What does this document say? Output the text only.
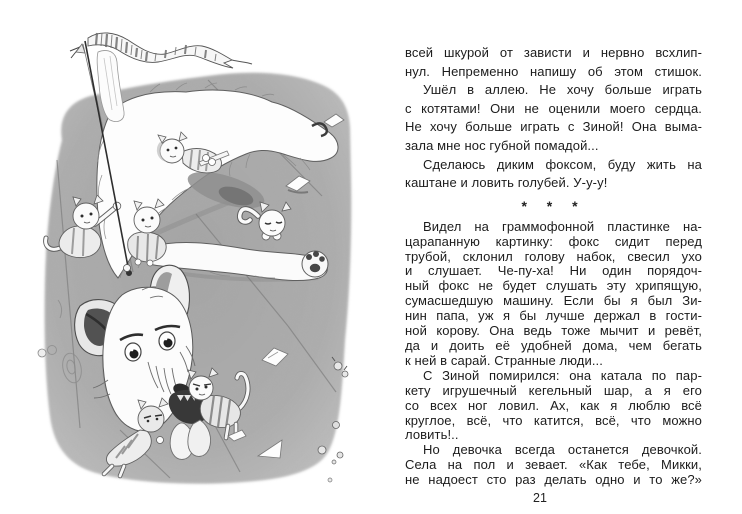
всей шкурой от зависти и нервно всхлип-
нул. Непременно напишу об этом стишок.
Ушёл в аллею. Не хочу больше играть
с котятами! Они не оценили моего сердца.
Не хочу больше играть с Зиной! Она выма-
зала мне нос губной помадой...
Сделаюсь диким фоксом, буду жить на
каштане и ловить голубей. У-у-у!
* * *
Видел на граммофонной пластинке на-
царапанную картинку: фокс сидит перед
трубой, склонил голову набок, свесил ухо
и слушает. Че-пу-ха! Ни один порядоч-
ный фокс не будет слушать эту хрипящую,
сумасшедшую машину. Если бы я был Зи-
нин папа, уж я бы лучше держал в гости-
ной корову. Она ведь тоже мычит и ревёт,
да и доить её удобней дома, чем бегать
к ней в сарай. Странные люди...
С Зиной помирился: она катала по пар-
кету игрушечный кегельный шар, а я его
со всех ног ловил. Ах, как я люблю всё
круглое, всё, что катится, всё, что можно
ловить!..
Но девочка всегда останется девочкой.
Села на пол и зевает. «Как тебе, Микки,
не надоест сто раз делать одно и то же?»
21
